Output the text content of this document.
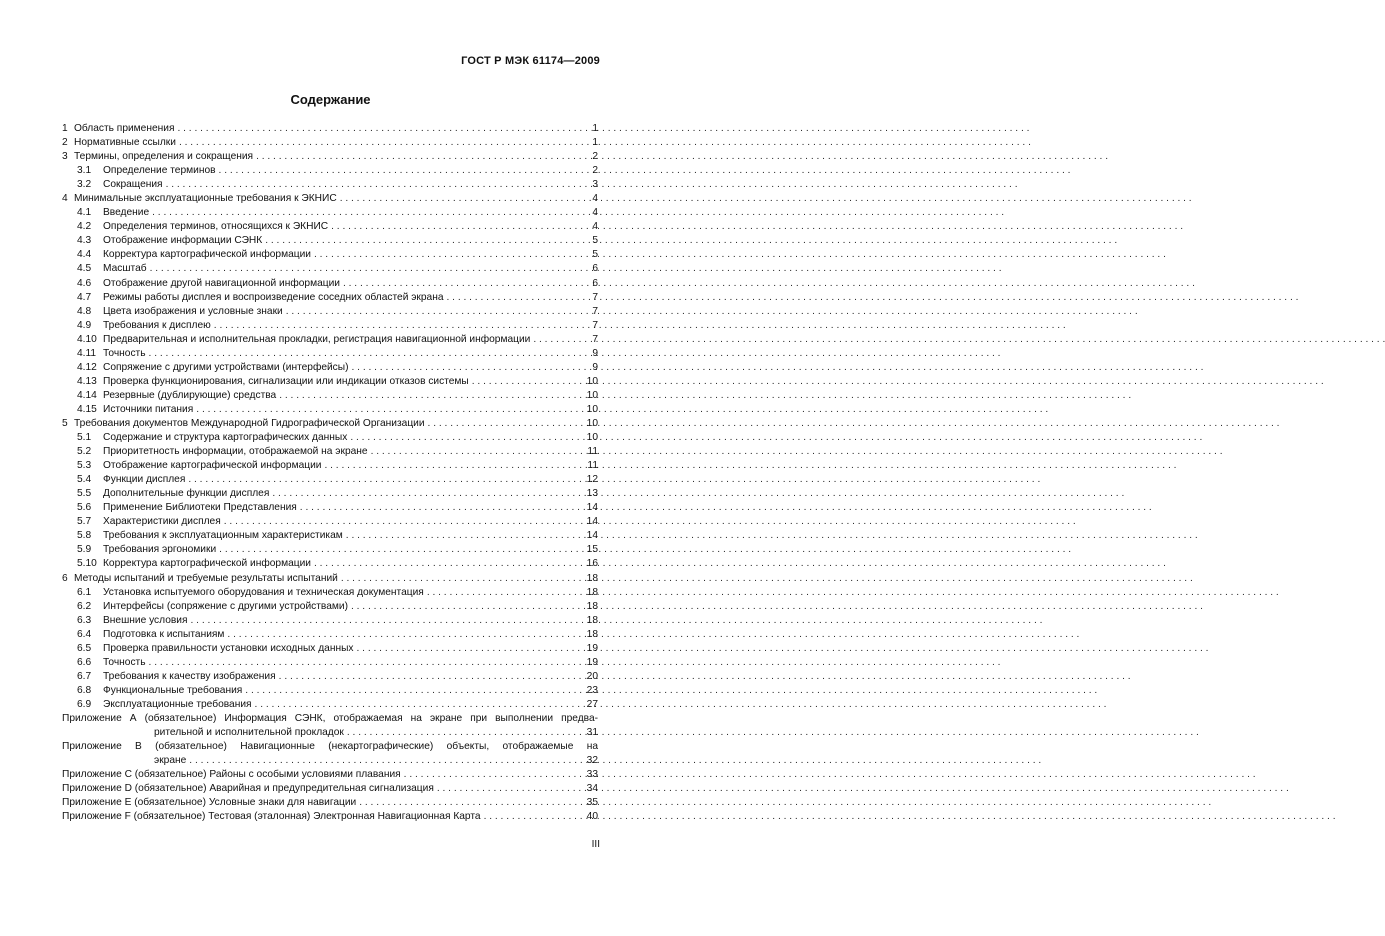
ГОСТ Р МЭК 61174—2009
Содержание
1 Область применения . . .	1
2 Нормативные ссылки . . .	1
3 Термины, определения и сокращения . . .	2
3.1	Определение терминов . . .	2
3.2	Сокращения . . .	3
4 Минимальные эксплуатационные требования к ЭКНИС . . .	4
4.1	Введение . . .	4
4.2	Определения терминов, относящихся к ЭКНИС . . .	4
4.3	Отображение информации СЭНК . . .	5
4.4	Корректура картографической информации . . .	5
4.5	Масштаб . . .	6
4.6	Отображение другой навигационной информации . . .	6
4.7	Режимы работы дисплея и воспроизведение соседних областей экрана . . .	7
4.8	Цвета изображения и условные знаки . . .	7
4.9	Требования к дисплею . . .	7
4.10 Предварительная и исполнительная прокладки, регистрация навигационной информации . . .	7
4.11 Точность . . .	9
4.12 Сопряжение с другими устройствами (интерфейсы) . . .	9
4.13 Проверка функционирования, сигнализации или индикации отказов системы . . .	10
4.14 Резервные (дублирующие) средства . . .	10
4.15 Источники питания . . .	10
5 Требования документов Международной Гидрографической Организации . . .	10
5.1	Содержание и структура картографических данных . . .	10
5.2	Приоритетность информации, отображаемой на экране . . .	11
5.3	Отображение картографической информации . . .	11
5.4	Функции дисплея . . .	12
5.5	Дополнительные функции дисплея . . .	13
5.6	Применение Библиотеки Представления . . .	14
5.7	Характеристики дисплея . . .	14
5.8	Требования к эксплуатационным характеристикам . . .	14
5.9	Требования эргономики . . .	15
5.10 Корректура картографической информации . . .	16
6 Методы испытаний и требуемые результаты испытаний . . .	18
6.1	Установка испытуемого оборудования и техническая документация . . .	18
6.2	Интерфейсы (сопряжение с другими устройствами) . . .	18
6.3	Внешние условия . . .	18
6.4	Подготовка к испытаниям . . .	18
6.5	Проверка правильности установки исходных данных . . .	19
6.6	Точность . . .	19
6.7	Требования к качеству изображения . . .	20
6.8	Функциональные требования . . .	23
6.9	Эксплуатационные требования . . .	27
Приложение А (обязательное) Информация СЭНК, отображаемая на экране при выполнении предва-
рительной и исполнительной прокладок . . .	31
Приложение В (обязательное) Навигационные (некартографические) объекты, отображаемые на
экране . . .	32
Приложение С (обязательное) Районы с особыми условиями плавания . . .	33
Приложение D (обязательное) Аварийная и предупредительная сигнализация . . .	34
Приложение E (обязательное) Условные знаки для навигации . . .	35
Приложение F (обязательное) Тестовая (эталонная) Электронная Навигационная Карта . . .	40
III
